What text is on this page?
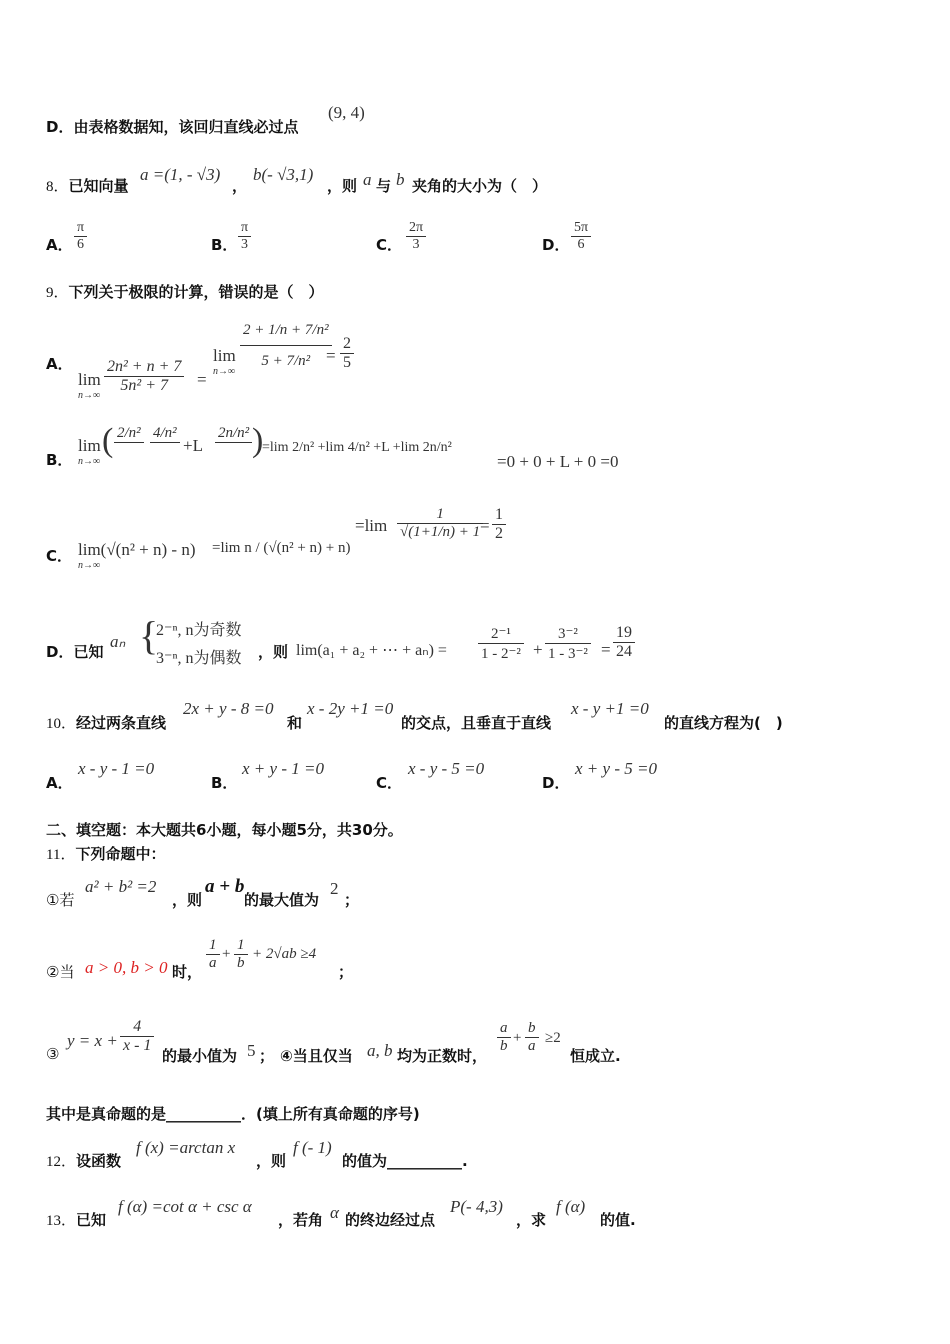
D．由表格数据知，该回归直线必过点
(9, 4)
8．已知向量
a =(1, - √3)
，
b(- √3,1)
，则 a 与 b 夹角的大小为（　）
A． $\frac{\pi}{6}$	B． $\frac{\pi}{3}$	C． $\frac{2\pi}{3}$	D． $\frac{5\pi}{6}$
9．下列关于极限的计算，错误的是（　）
A．
lim
n→∞
$\frac{\text{2n² + n + 7}}{\text{5n² + 7}}$ =
lim
$n\to\infty \frac{\text{2 + 1/n + 7/n²}}{\text{5 + 7/n²}}$
= $\frac{2}{5}$
B．
lim
n→∞
( 2/n² 4/n²
+L
2n/n² )
=lim 2/n² +lim 4/n² +L +lim 2n/n²
=0 + 0 + L + 0 =0
C． lim(√(n² + n) - n)
n→∞
=lim n / (√(n² + n) + n)
$=\lim \frac{1}{√(1+1/n) + 1}$
= $\frac{1}{2}$
D．已知
aₙ {
2⁻ⁿ, n为奇数
3⁻ⁿ, n为偶数 ，则 lim(a₁ + a₂ + ⋯ + $a_n) = \frac{\text{2⁻¹}}{\text{1 - 2⁻²}} + \frac{\text{3⁻²}}{\text{1 - 3⁻²}} = \frac{19}{24}$
10．经过两条直线
2x + y - 8 =0
和
x - 2y +1 =0
的交点，且垂直于直线
x - y +1 =0
的直线方程为(　)
A．
x - y - 1 =0
B．
x + y - 1 =0
C．
x - y - 5 =0
D．
x + y - 5 =0
二、填空题：本大题共6小题，每小题5分，共30分。
11．下列命题中：
①若
a² + b² =2
，则
a + b
的最大值为
2
；
②当 a > 0, b > 0 时， $\frac{1}{a} + \frac{1}{b} + 2√ab \ge 4$
；
③
$y = x + \frac{4}{x - 1}$
的最小值为 5 ； ④当且仅当 a, b 均为正数时，
$\frac{a}{b} + \frac{b}{a} \ge 2$
恒成立.
其中是真命题的是__________．(填上所有真命题的序号)
12．设函数
f (x) =arctan x
，则
f (- 1)
的值为__________.
13．已知
f (α) =cot α + csc α
，若角 α 的终边经过点
P(- 4,3)
，求
f (α)
的值.
